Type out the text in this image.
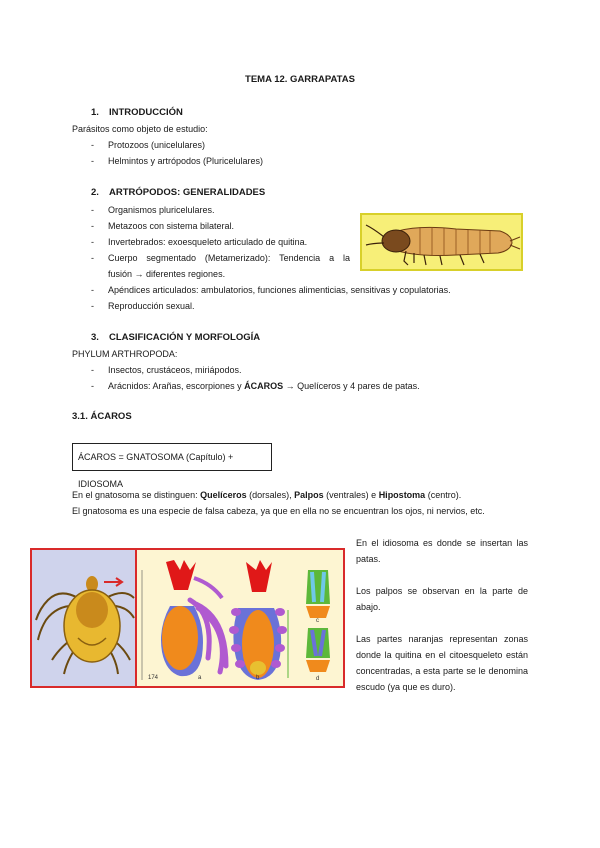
TEMA 12. GARRAPATAS
1. INTRODUCCIÓN
Parásitos como objeto de estudio:
- Protozoos (unicelulares)
- Helmintos y artrópodos (Pluricelulares)
2. ARTRÓPODOS: GENERALIDADES
- Organismos pluricelulares.
- Metazoos con sistema bilateral.
- Invertebrados: exoesqueleto articulado de quitina.
- Cuerpo segmentado (Metamerizado): Tendencia a la
fusión → diferentes regiones.
- Apéndices articulados: ambulatorios, funciones alimenticias, sensitivas y copulatorias.
- Reproducción sexual.
3. CLASIFICACIÓN Y MORFOLOGÍA
PHYLUM ARTHROPODA:
- Insectos, crustáceos, miriápodos.
- Arácnidos: Arañas, escorpiones y ÁCAROS → Quelíceros y 4 pares de patas.
3.1. ÁCAROS
ÁCAROS = GNATOSOMA (Capítulo) + IDIOSOMA
En el gnatosoma se distinguen: Quelíceros (dorsales), Palpos (ventrales) e Hipostoma (centro).
El gnatosoma es una especie de falsa cabeza, ya que en ella no se encuentran los ojos, ni nervios, etc.
174	a	b
c
d
En el idiosoma es donde se insertan las patas.
Los palpos se observan en la parte de abajo.
Las partes naranjas representan zonas donde la quitina en el citoesqueleto están concentradas, a esta parte se le denomina escudo (ya que es duro).
